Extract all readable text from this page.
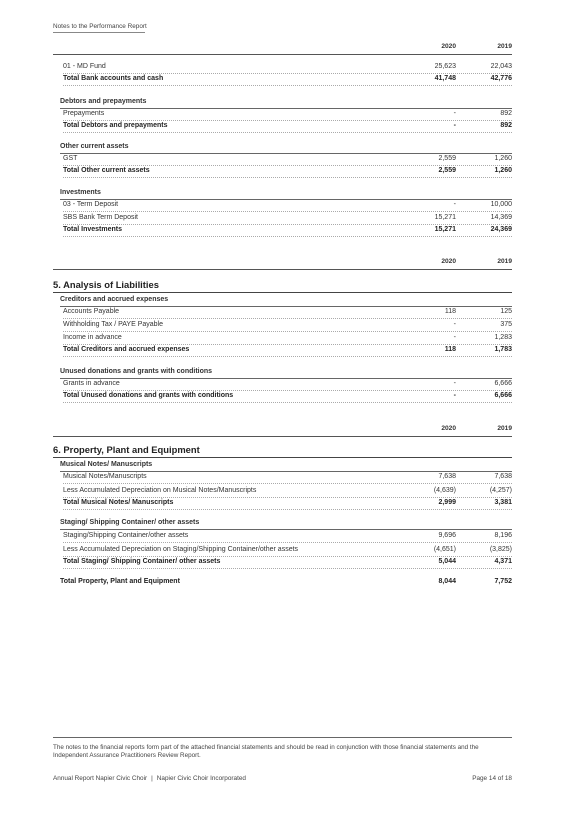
Notes to the Performance Report
2020	2019
01 - MD Fund	25,623	22,043
Total Bank accounts and cash	41,748	42,776
Debtors and prepayments
Prepayments	-	892
Total Debtors and prepayments	-	892
Other current assets
GST	2,559	1,260
Total Other current assets	2,559	1,260
Investments
03 - Term Deposit	-	10,000
SBS Bank Term Deposit	15,271	14,369
Total Investments	15,271	24,369
2020	2019
5. Analysis of Liabilities
Creditors and accrued expenses
Accounts Payable	118	125
Withholding Tax / PAYE Payable	-	375
Income in advance	-	1,283
Total Creditors and accrued expenses	118	1,783
Unused donations and grants with conditions
Grants in advance	-	6,666
Total Unused donations and grants with conditions	-	6,666
2020	2019
6. Property, Plant and Equipment
Musical Notes/ Manuscripts
Musical Notes/Manuscripts	7,638	7,638
Less Accumulated Depreciation on Musical Notes/Manuscripts	(4,639)	(4,257)
Total Musical Notes/ Manuscripts	2,999	3,381
Staging/ Shipping Container/ other assets
Staging/Shipping Container/other assets	9,696	8,196
Less Accumulated Depreciation on Staging/Shipping Container/other assets	(4,651)	(3,825)
Total Staging/ Shipping Container/ other assets	5,044	4,371
Total Property, Plant and Equipment	8,044	7,752
The notes to the financial reports form part of the attached financial statements and should be read in conjunction with those financial statements and the Independent Assurance Practitioners Review Report.
Annual Report Napier Civic Choir | Napier Civic Choir Incorporated	Page 14 of 18
